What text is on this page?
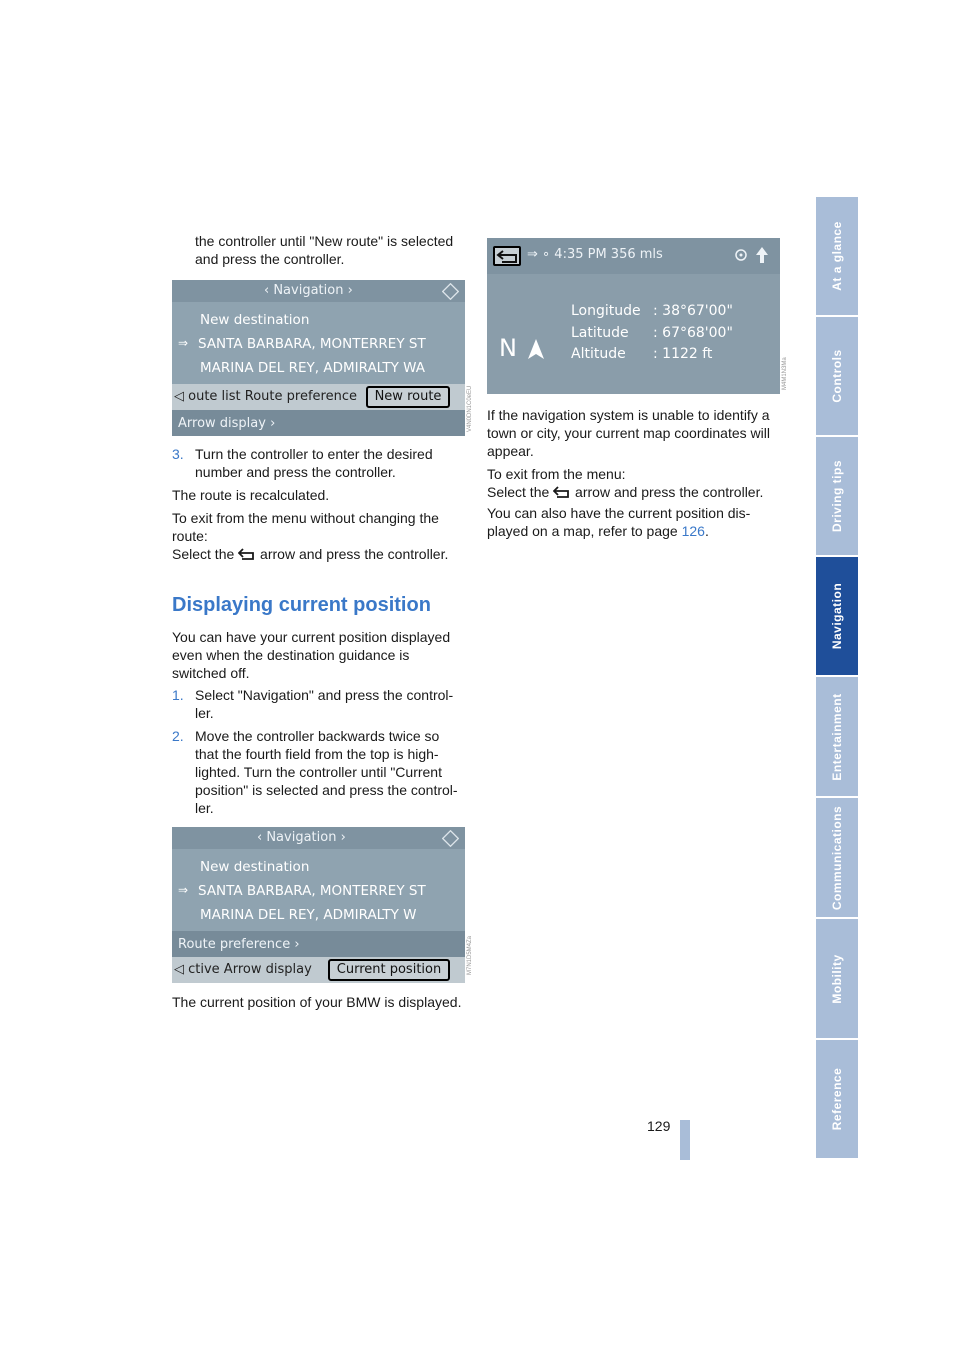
At a glance
Controls
Driving tips
Navigation
Entertainment
Communications
Mobility
Reference

the controller until "New route" is selected

and press the controller.

‹ Navigation ›
New destination
⇒ SANTA BARBARA, MONTERREY ST
MARINA DEL REY, ADMIRALTY WA
◁ oute list Route preference	New route
Arrow display ›	V4N0DN1C0eEU

3. Turn the controller to enter the desired

number and press the controller.

The route is recalculated.

To exit from the menu without changing the

route:

Select the arrow and press the controller.

Displaying current position

You can have your current position displayed

even when the destination guidance is

switched off.

1. Select "Navigation" and press the control-

ler.

2. Move the controller backwards twice so

that the fourth field from the top is high-

lighted. Turn the controller until "Current

position" is selected and press the control-

ler.

‹ Navigation ›
New destination
⇒ SANTA BARBARA, MONTERREY ST
MARINA DEL REY, ADMIRALTY W
Route preference ›
◁ ctive Arrow display	Current position	M7N1D5M4Za

The current position of your BMW is displayed.

⇒ ∘ 4:35 PM 356 mls
Longitude : 38°67'00"
Latitude : 67°68'00"
Altitude : 1122 ft
N
M4M1N3Ma

If the navigation system is unable to identify a

town or city, your current map coordinates will

appear.

To exit from the menu:

Select the arrow and press the controller.

You can also have the current position dis-

played on a map, refer to page 126.

129
